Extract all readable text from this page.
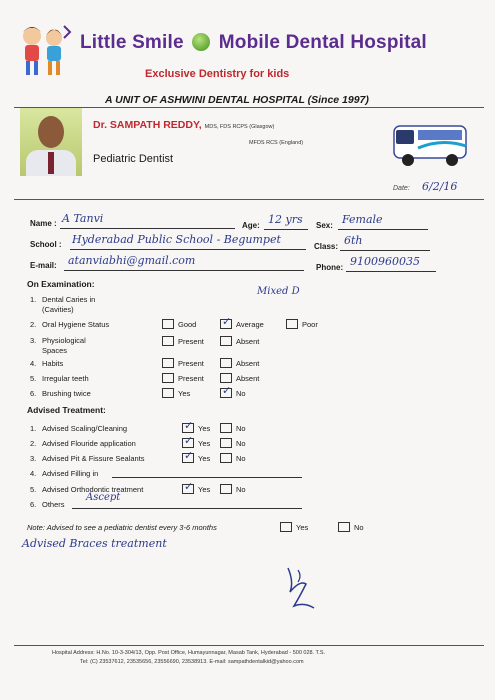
Little Smile Mobile Dental Hospital
Exclusive Dentistry for kids
A UNIT OF ASHWINI DENTAL HOSPITAL (Since 1997)
Dr. SAMPATH REDDY, MDS, FDS RCPS (Glasgow)
MFDS RCS (England)
Pediatric Dentist
Date: 6/2/16
Name : A Tanvi
Age: 12 yrs Sex: Female
School : Hyderabad Public School - Begumpet
Class: 6th
E-mail: atanviabhi@gmail.com
Phone: 9100960035
On Examination:
Mixed D
1. Dental Caries in
(Cavities)
2. Oral Hygiene Status	Good ✓	Average	Poor
3. Physiological
Spaces
Present	Absent
4. Habits	Present	Absent
5. Irregular teeth	Present	Absent
6. Brushing twice	Yes ✓	No
Advised Treatment:
1. Advised Scaling/Cleaning ✓	Yes	No
2. Advised Flouride application ✓	Yes	No
3. Advised Pit & Fissure Sealants ✓	Yes	No
4. Advised Filling in
5. Advised Orthodontic treatment ✓	Yes	No
6. Others
Ascept
Note: Advised to see a pediatric dentist every 3-6 months	Yes	No
Advised Braces treatment
Hospital Address: H.No. 10-3-304/13, Opp. Post Office, Humayunnagar, Masab Tank, Hyderabad - 500 028. T.S.
Tel: (C) 23537612, 23535656, 23556690, 23538913. E-mail: sampathdentalkid@yahoo.com
